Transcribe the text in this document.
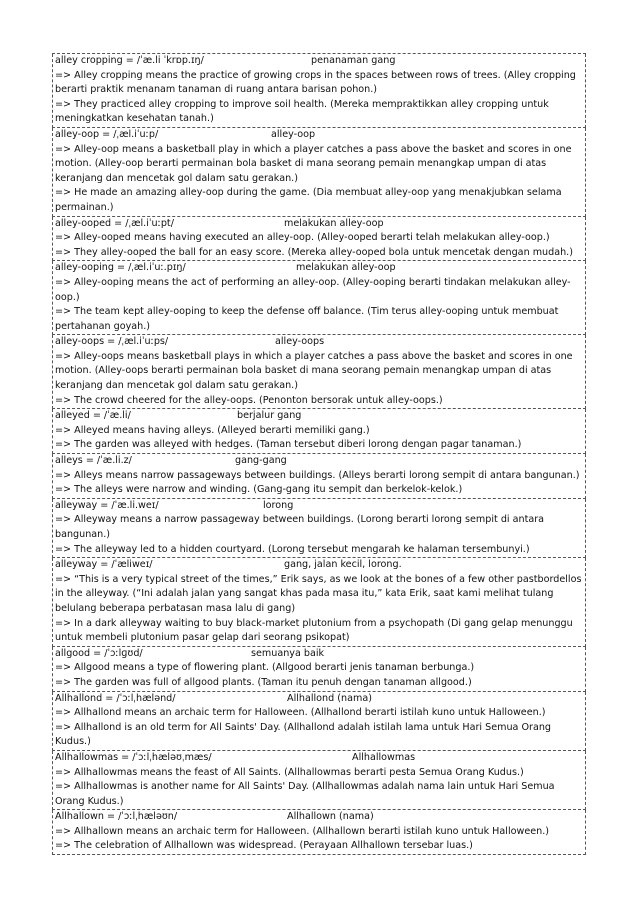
alley cropping = /ˈæ.li ˈkrɒp.ɪŋ/	penanaman gang

=> Alley cropping means the practice of growing crops in the spaces between rows of trees. (Alley cropping berarti praktik menanam tanaman di ruang antara barisan pohon.)

=> They practiced alley cropping to improve soil health. (Mereka mempraktikkan alley cropping untuk meningkatkan kesehatan tanah.)

alley-oop = /ˌæl.iˈuːp/	alley-oop

=> Alley-oop means a basketball play in which a player catches a pass above the basket and scores in one motion. (Alley-oop berarti permainan bola basket di mana seorang pemain menangkap umpan di atas keranjang dan mencetak gol dalam satu gerakan.)

=> He made an amazing alley-oop during the game. (Dia membuat alley-oop yang menakjubkan selama permainan.)

alley-ooped = /ˌæl.iˈuːpt/	melakukan alley-oop

=> Alley-ooped means having executed an alley-oop. (Alley-ooped berarti telah melakukan alley-oop.)

=> They alley-ooped the ball for an easy score. (Mereka alley-ooped bola untuk mencetak dengan mudah.)

alley-ooping = /ˌæl.iˈuː.pɪŋ/	melakukan alley-oop

=> Alley-ooping means the act of performing an alley-oop. (Alley-ooping berarti tindakan melakukan alley-oop.)

=> The team kept alley-ooping to keep the defense off balance. (Tim terus alley-ooping untuk membuat pertahanan goyah.)

alley-oops = /ˌæl.iˈuːps/	alley-oops

=> Alley-oops means basketball plays in which a player catches a pass above the basket and scores in one motion. (Alley-oops berarti permainan bola basket di mana seorang pemain menangkap umpan di atas keranjang dan mencetak gol dalam satu gerakan.)

=> The crowd cheered for the alley-oops. (Penonton bersorak untuk alley-oops.)

alleyed = /ˈæ.li/	berjalur gang

=> Alleyed means having alleys. (Alleyed berarti memiliki gang.)

=> The garden was alleyed with hedges. (Taman tersebut diberi lorong dengan pagar tanaman.)

alleys = /ˈæ.li.z/	gang-gang

=> Alleys means narrow passageways between buildings. (Alleys berarti lorong sempit di antara bangunan.)

=> The alleys were narrow and winding. (Gang-gang itu sempit dan berkelok-kelok.)

alleyway = /ˈæ.li.weɪ/	lorong

=> Alleyway means a narrow passageway between buildings. (Lorong berarti lorong sempit di antara bangunan.)

=> The alleyway led to a hidden courtyard. (Lorong tersebut mengarah ke halaman tersembunyi.)

alleyway = /ˈæliweɪ/	gang, jalan kecil, lorong.

=> “This is a very typical street of the times,” Erik says, as we look at the bones of a few other pastbordellos in the alleyway. (“Ini adalah jalan yang sangat khas pada masa itu,” kata Erik, saat kami melihat tulang belulang beberapa perbatasan masa lalu di gang)

=> In a dark alleyway waiting to buy black-market plutonium from a psychopath (Di gang gelap menunggu untuk membeli plutonium pasar gelap dari seorang psikopat)

allgood = /ˈɔːlɡʊd/	semuanya baik

=> Allgood means a type of flowering plant. (Allgood berarti jenis tanaman berbunga.)

=> The garden was full of allgood plants. (Taman itu penuh dengan tanaman allgood.)

Allhallond = /ˈɔːlˌhælənd/	Allhallond (nama)

=> Allhallond means an archaic term for Halloween. (Allhallond berarti istilah kuno untuk Halloween.)

=> Allhallond is an old term for All Saints' Day. (Allhallond adalah istilah lama untuk Hari Semua Orang Kudus.)

Allhallowmas = /ˈɔːlˌhæləʊˌmæs/	Allhallowmas

=> Allhallowmas means the feast of All Saints. (Allhallowmas berarti pesta Semua Orang Kudus.)

=> Allhallowmas is another name for All Saints' Day. (Allhallowmas adalah nama lain untuk Hari Semua Orang Kudus.)

Allhallown = /ˈɔːlˌhæləʊn/	Allhallown (nama)

=> Allhallown means an archaic term for Halloween. (Allhallown berarti istilah kuno untuk Halloween.)

=> The celebration of Allhallown was widespread. (Perayaan Allhallown tersebar luas.)
